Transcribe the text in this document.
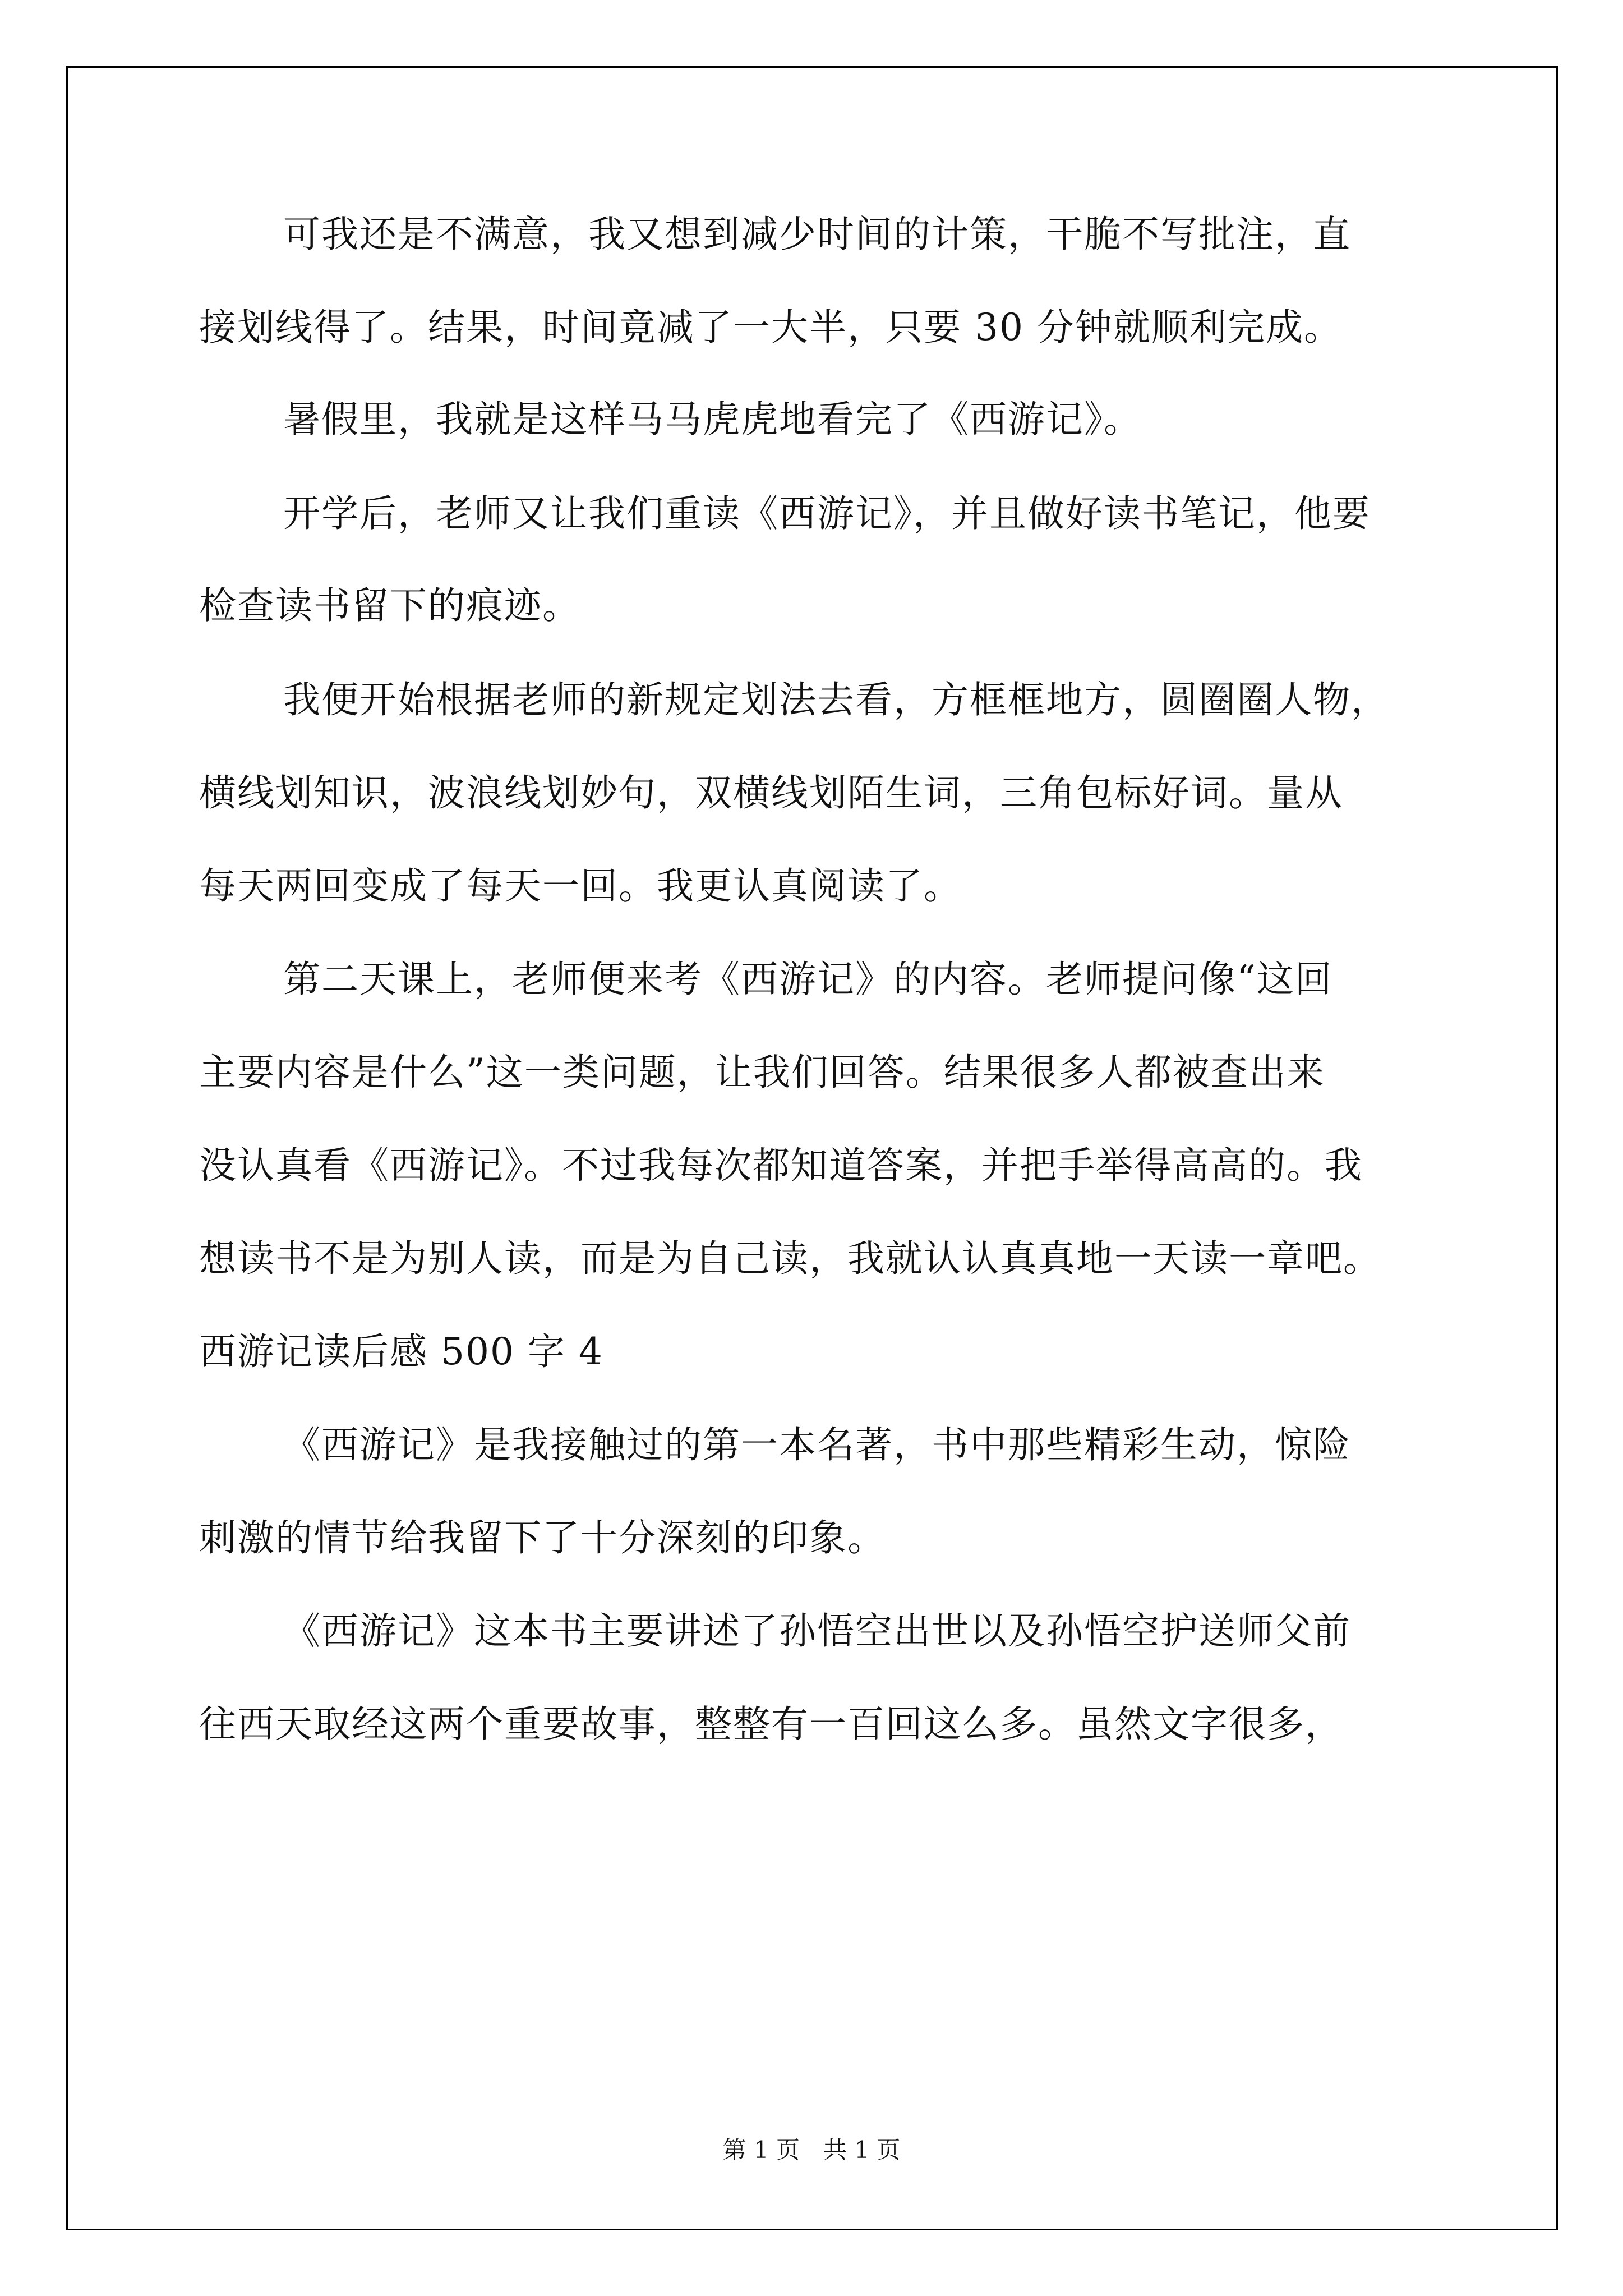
可我还是不满意，我又想到减少时间的计策，干脆不写批注，直
接划线得了。结果，时间竟减了一大半，只要 30 分钟就顺利完成。
暑假里，我就是这样马马虎虎地看完了《西游记》。
开学后，老师又让我们重读《西游记》，并且做好读书笔记，他要
检查读书留下的痕迹。
我便开始根据老师的新规定划法去看，方框框地方，圆圈圈人物，
横线划知识，波浪线划妙句，双横线划陌生词，三角包标好词。量从
每天两回变成了每天一回。我更认真阅读了。
第二天课上，老师便来考《西游记》的内容。老师提问像“这回
主要内容是什么”这一类问题，让我们回答。结果很多人都被查出来
没认真看《西游记》。不过我每次都知道答案，并把手举得高高的。我
想读书不是为别人读，而是为自己读，我就认认真真地一天读一章吧。
西游记读后感 500 字 4
《西游记》是我接触过的第一本名著，书中那些精彩生动，惊险
刺激的情节给我留下了十分深刻的印象。
《西游记》这本书主要讲述了孙悟空出世以及孙悟空护送师父前
往西天取经这两个重要故事，整整有一百回这么多。虽然文字很多，
第 1 页 共 1 页
